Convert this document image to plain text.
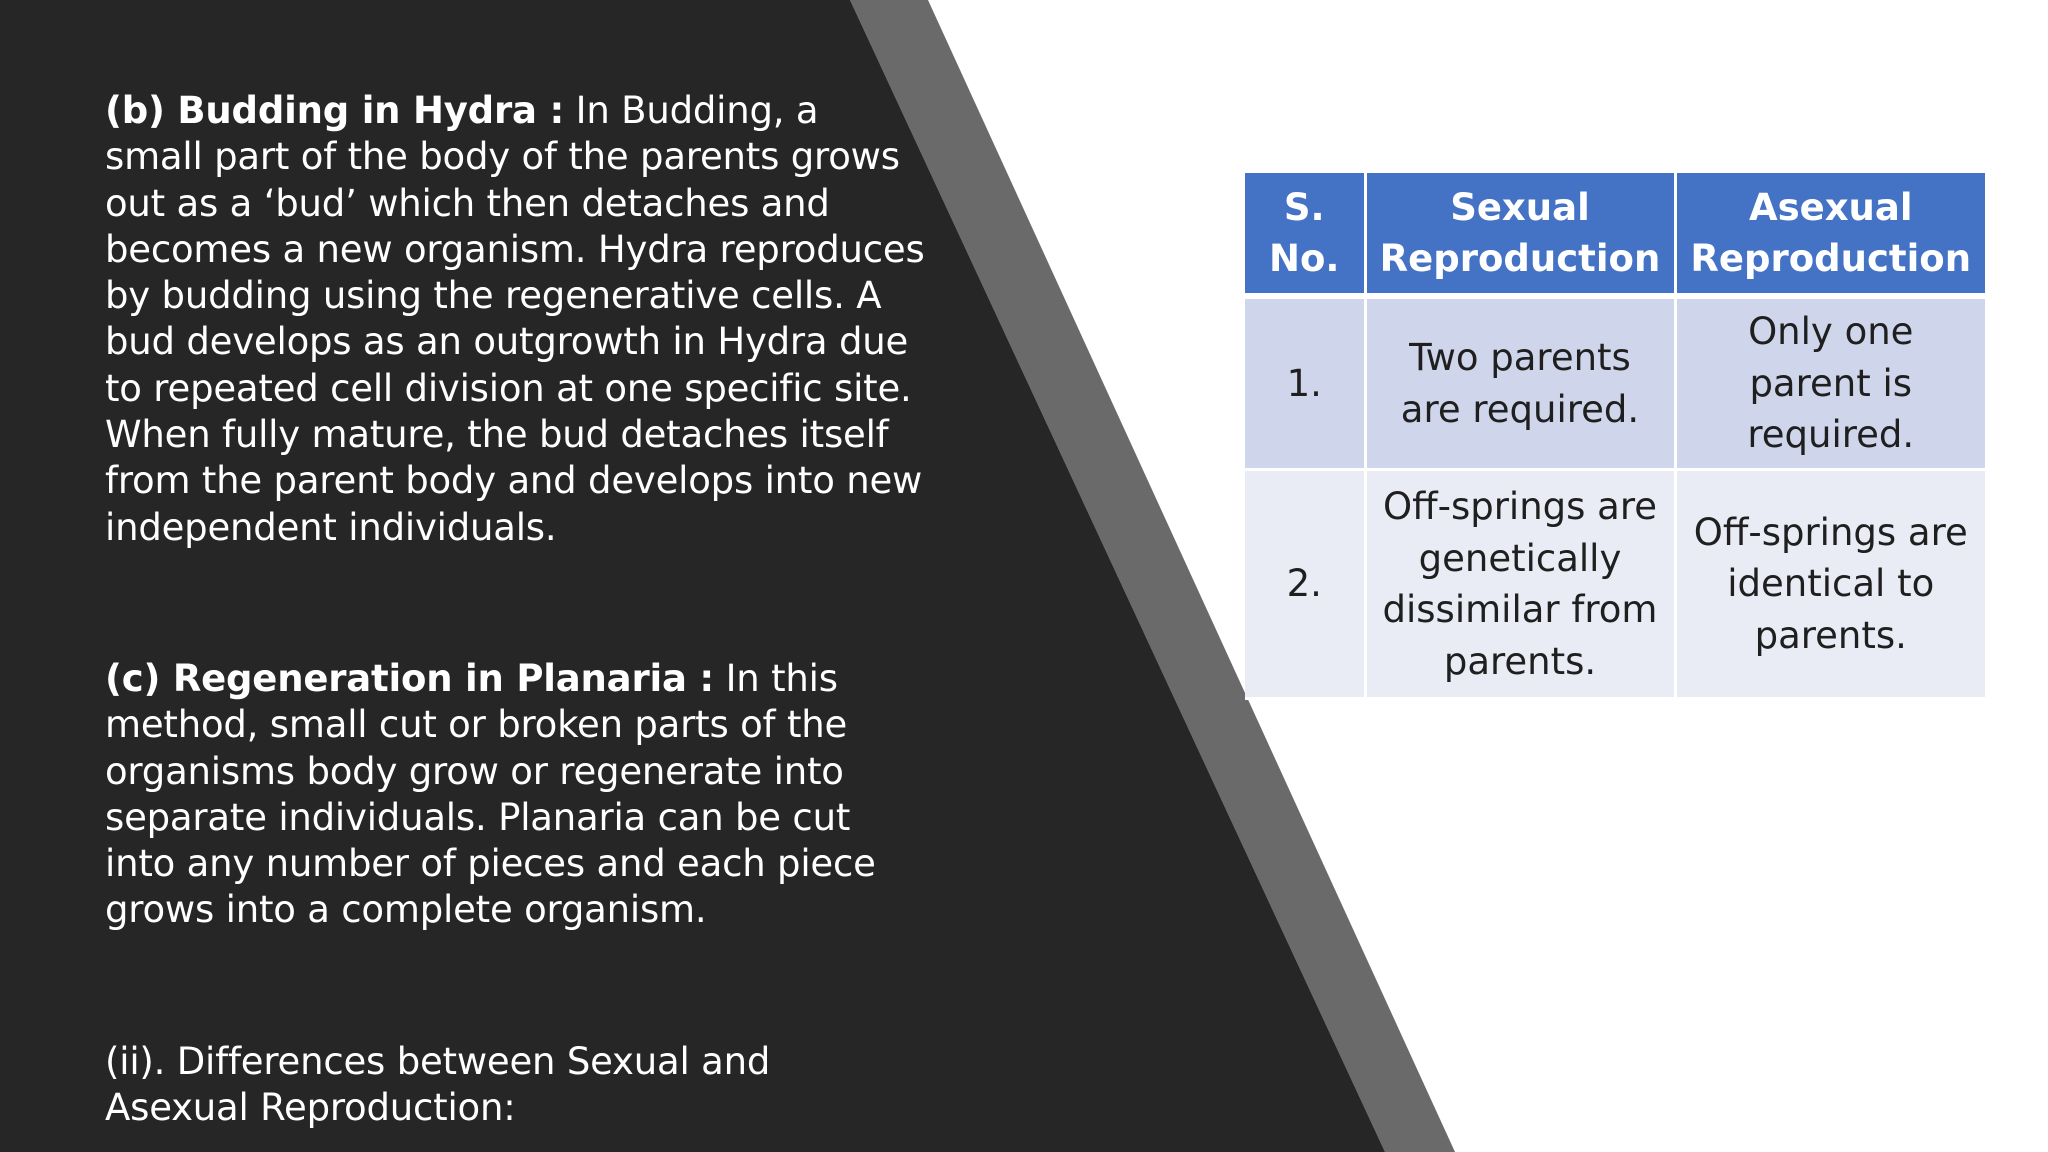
(b) Budding in Hydra : In Budding, a small part of the body of the parents grows out as a ‘bud’ which then detaches and becomes a new organism. Hydra reproduces by budding using the regenerative cells. A bud develops as an outgrowth in Hydra due to repeated cell division at one specific site. When fully mature, the bud detaches itself from the parent body and develops into new independent individuals.

(c) Regeneration in Planaria : In this method, small cut or broken parts of the organisms body grow or regenerate into separate individuals. Planaria can be cut into any number of pieces and each piece grows into a complete organism.

(ii). Differences between Sexual and Asexual Reproduction:

S. No.	Sexual Reproduction	Asexual Reproduction
1.	Two parents are required.	Only one parent is required.
2.	Off-springs are genetically dissimilar from parents.	Off-springs are identical to parents.
